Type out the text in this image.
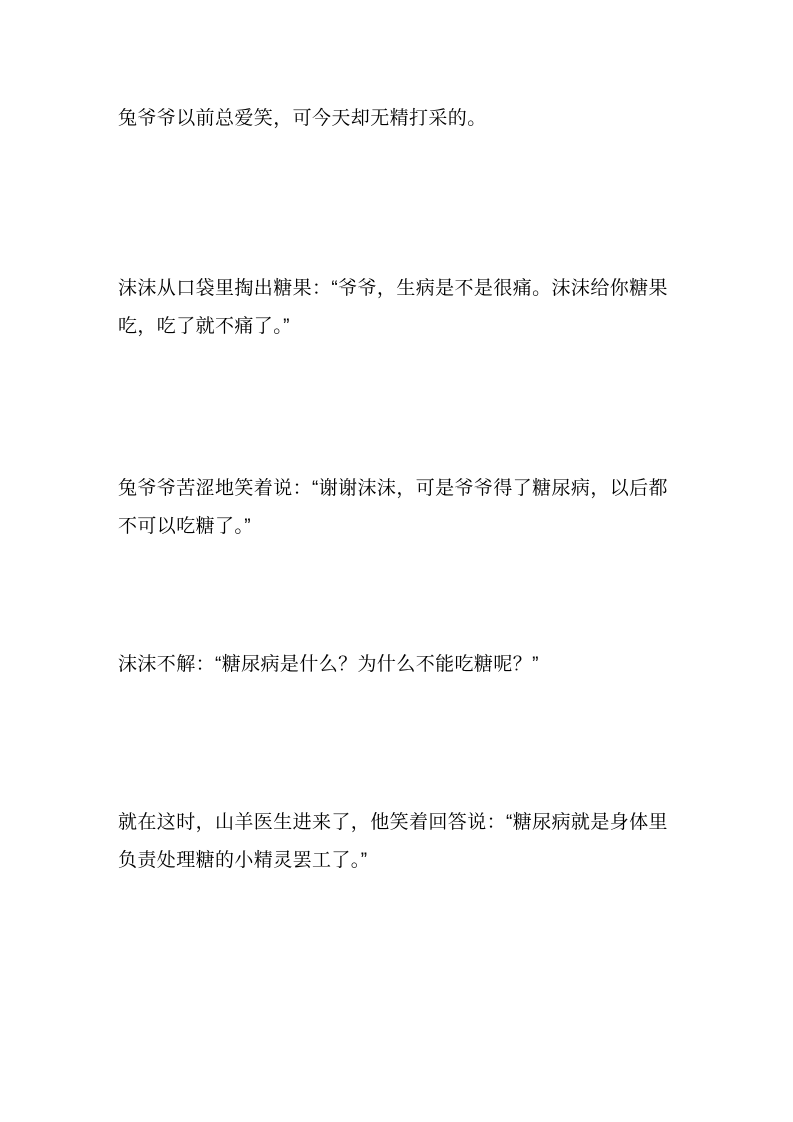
兔爷爷以前总爱笑，可今天却无精打采的。

沫沫从口袋里掏出糖果：“爷爷，生病是不是很痛。沫沫给你糖果吃，吃了就不痛了。”

兔爷爷苦涩地笑着说：“谢谢沫沫，可是爷爷得了糖尿病，以后都不可以吃糖了。”

沫沫不解：“糖尿病是什么？为什么不能吃糖呢？”

就在这时，山羊医生进来了，他笑着回答说：“糖尿病就是身体里负责处理糖的小精灵罢工了。”
